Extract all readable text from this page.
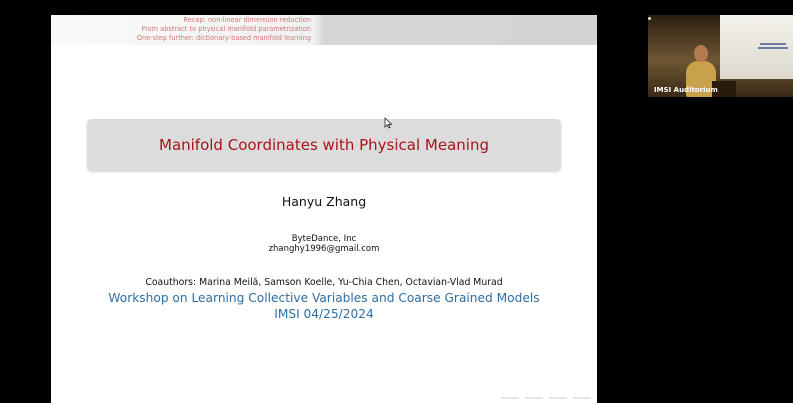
Recap: non-linear dimension reduction
From abstract to physical manifold parametrization
One-step further: dictionary-based manifold learning
Manifold Coordinates with Physical Meaning
Hanyu Zhang
ByteDance, Inc
zhanghy1996@gmail.com
Coauthors: Marina Meilă, Samson Koelle, Yu-Chia Chen, Octavian-Vlad Murad
Workshop on Learning Collective Variables and Coarse Grained Models
IMSI 04/25/2024
IMSI Auditorium
